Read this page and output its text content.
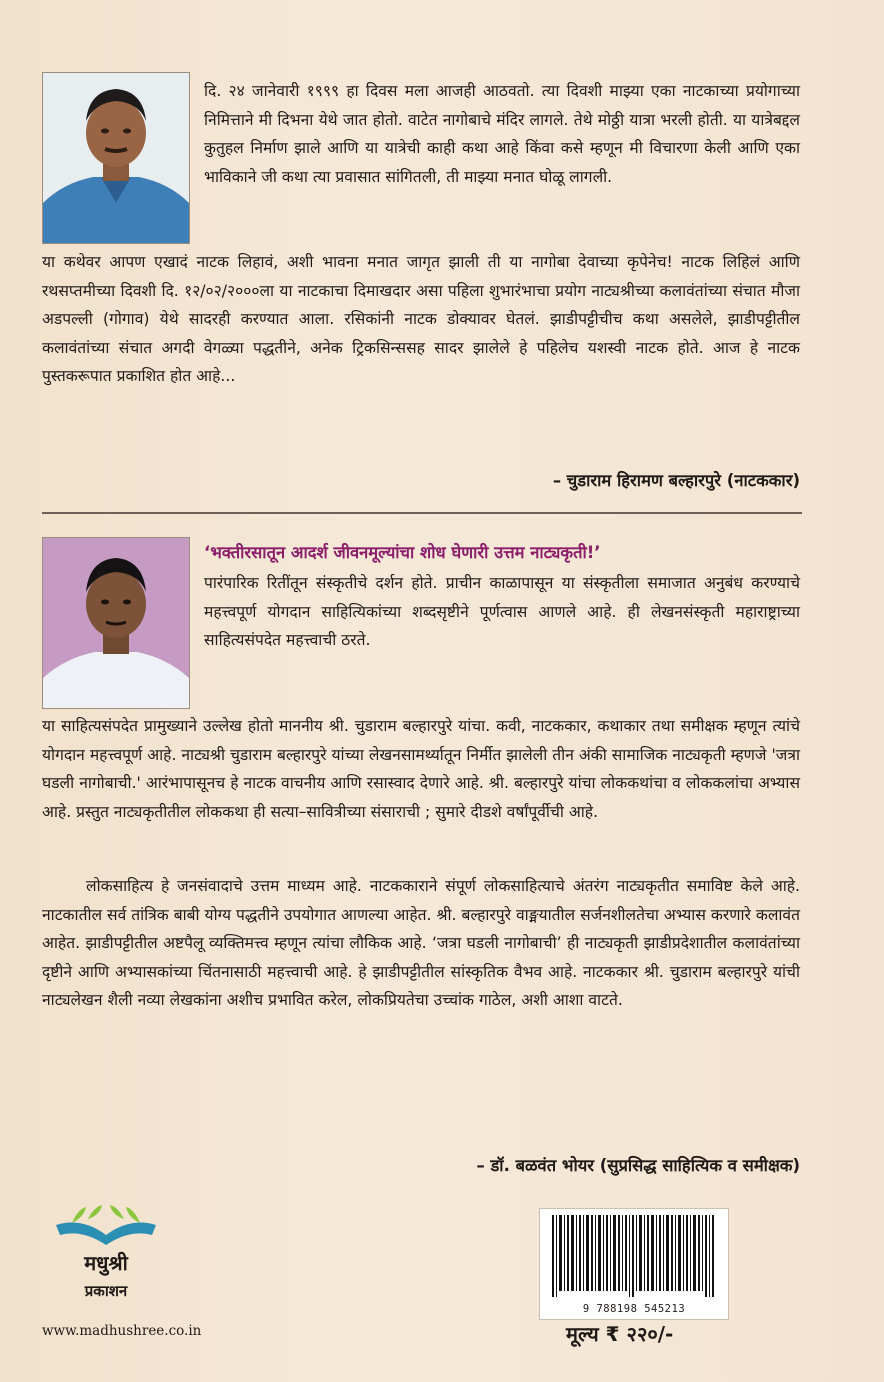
दि. २४ जानेवारी १९९९ हा दिवस मला आजही आठवतो. त्या दिवशी माझ्या एका नाटकाच्या प्रयोगाच्या निमित्ताने मी दिभना येथे जात होतो. वाटेत नागोबाचे मंदिर लागले. तेथे मोठ्ठी यात्रा भरली होती. या यात्रेबद्दल कुतुहल निर्माण झाले आणि या यात्रेची काही कथा आहे किंवा कसे म्हणून मी विचारणा केली आणि एका भाविकाने जी कथा त्या प्रवासात सांगितली, ती माझ्या मनात घोळू लागली.

या कथेवर आपण एखादं नाटक लिहावं, अशी भावना मनात जागृत झाली ती या नागोबा देवाच्या कृपेनेच! नाटक लिहिलं आणि रथसप्तमीच्या दिवशी दि. १२/०२/२०००ला या नाटकाचा दिमाखदार असा पहिला शुभारंभाचा प्रयोग नाट्यश्रीच्या कलावंतांच्या संचात मौजा अडपल्ली (गोगाव) येथे सादरही करण्यात आला. रसिकांनी नाटक डोक्यावर घेतलं. झाडीपट्टीचीच कथा असलेले, झाडीपट्टीतील कलावंतांच्या संचात अगदी वेगळ्या पद्धतीने, अनेक ट्रिकसिन्ससह सादर झालेले हे पहिलेच यशस्वी नाटक होते. आज हे नाटक पुस्तकरूपात प्रकाशित होत आहे...

– चुडाराम हिरामण बल्हारपुरे (नाटककार)
‘भक्तीरसातून आदर्श जीवनमूल्यांचा शोध घेणारी उत्तम नाट्यकृती!’

पारंपारिक रितींतून संस्कृतीचे दर्शन होते. प्राचीन काळापासून या संस्कृतीला समाजात अनुबंध करण्याचे महत्त्वपूर्ण योगदान साहित्यिकांच्या शब्दसृष्टीने पूर्णत्वास आणले आहे. ही लेखनसंस्कृती महाराष्ट्राच्या साहित्यसंपदेत महत्त्वाची ठरते.

या साहित्यसंपदेत प्रामुख्याने उल्लेख होतो माननीय श्री. चुडाराम बल्हारपुरे यांचा. कवी, नाटककार, कथाकार तथा समीक्षक म्हणून त्यांचे योगदान महत्त्वपूर्ण आहे. नाट्यश्री चुडाराम बल्हारपुरे यांच्या लेखनसामर्थ्यातून निर्मीत झालेली तीन अंकी सामाजिक नाट्यकृती म्हणजे 'जत्रा घडली नागोबाची.' आरंभापासूनच हे नाटक वाचनीय आणि रसास्वाद देणारे आहे. श्री. बल्हारपुरे यांचा लोककथांचा व लोककलांचा अभ्यास आहे. प्रस्तुत नाट्यकृतीतील लोककथा ही सत्या–सावित्रीच्या संसाराची ; सुमारे दीडशे वर्षांपूर्वीची आहे.

लोकसाहित्य हे जनसंवादाचे उत्तम माध्यम आहे. नाटककाराने संपूर्ण लोकसाहित्याचे अंतरंग नाट्यकृतीत समाविष्ट केले आहे. नाटकातील सर्व तांत्रिक बाबी योग्य पद्धतीने उपयोगात आणल्या आहेत. श्री. बल्हारपुरे वाङ्मयातील सर्जनशीलतेचा अभ्यास करणारे कलावंत आहेत. झाडीपट्टीतील अष्टपैलू व्यक्तिमत्त्व म्हणून त्यांचा लौकिक आहे. ‘जत्रा घडली नागोबाची’ ही नाट्यकृती झाडीप्रदेशातील कलावंतांच्या दृष्टीने आणि अभ्यासकांच्या चिंतनासाठी महत्त्वाची आहे. हे झाडीपट्टीतील सांस्कृतिक वैभव आहे. नाटककार श्री. चुडाराम बल्हारपुरे यांची नाट्यलेखन शैली नव्या लेखकांना अशीच प्रभावित करेल, लोकप्रियतेचा उच्चांक गाठेल, अशी आशा वाटते.

– डॉ. बळवंत भोयर (सुप्रसिद्ध साहित्यिक व समीक्षक)
मधुश्री
प्रकाशन
www.madhushree.co.in
9 788198 545213
मूल्य ₹ २२०/-
